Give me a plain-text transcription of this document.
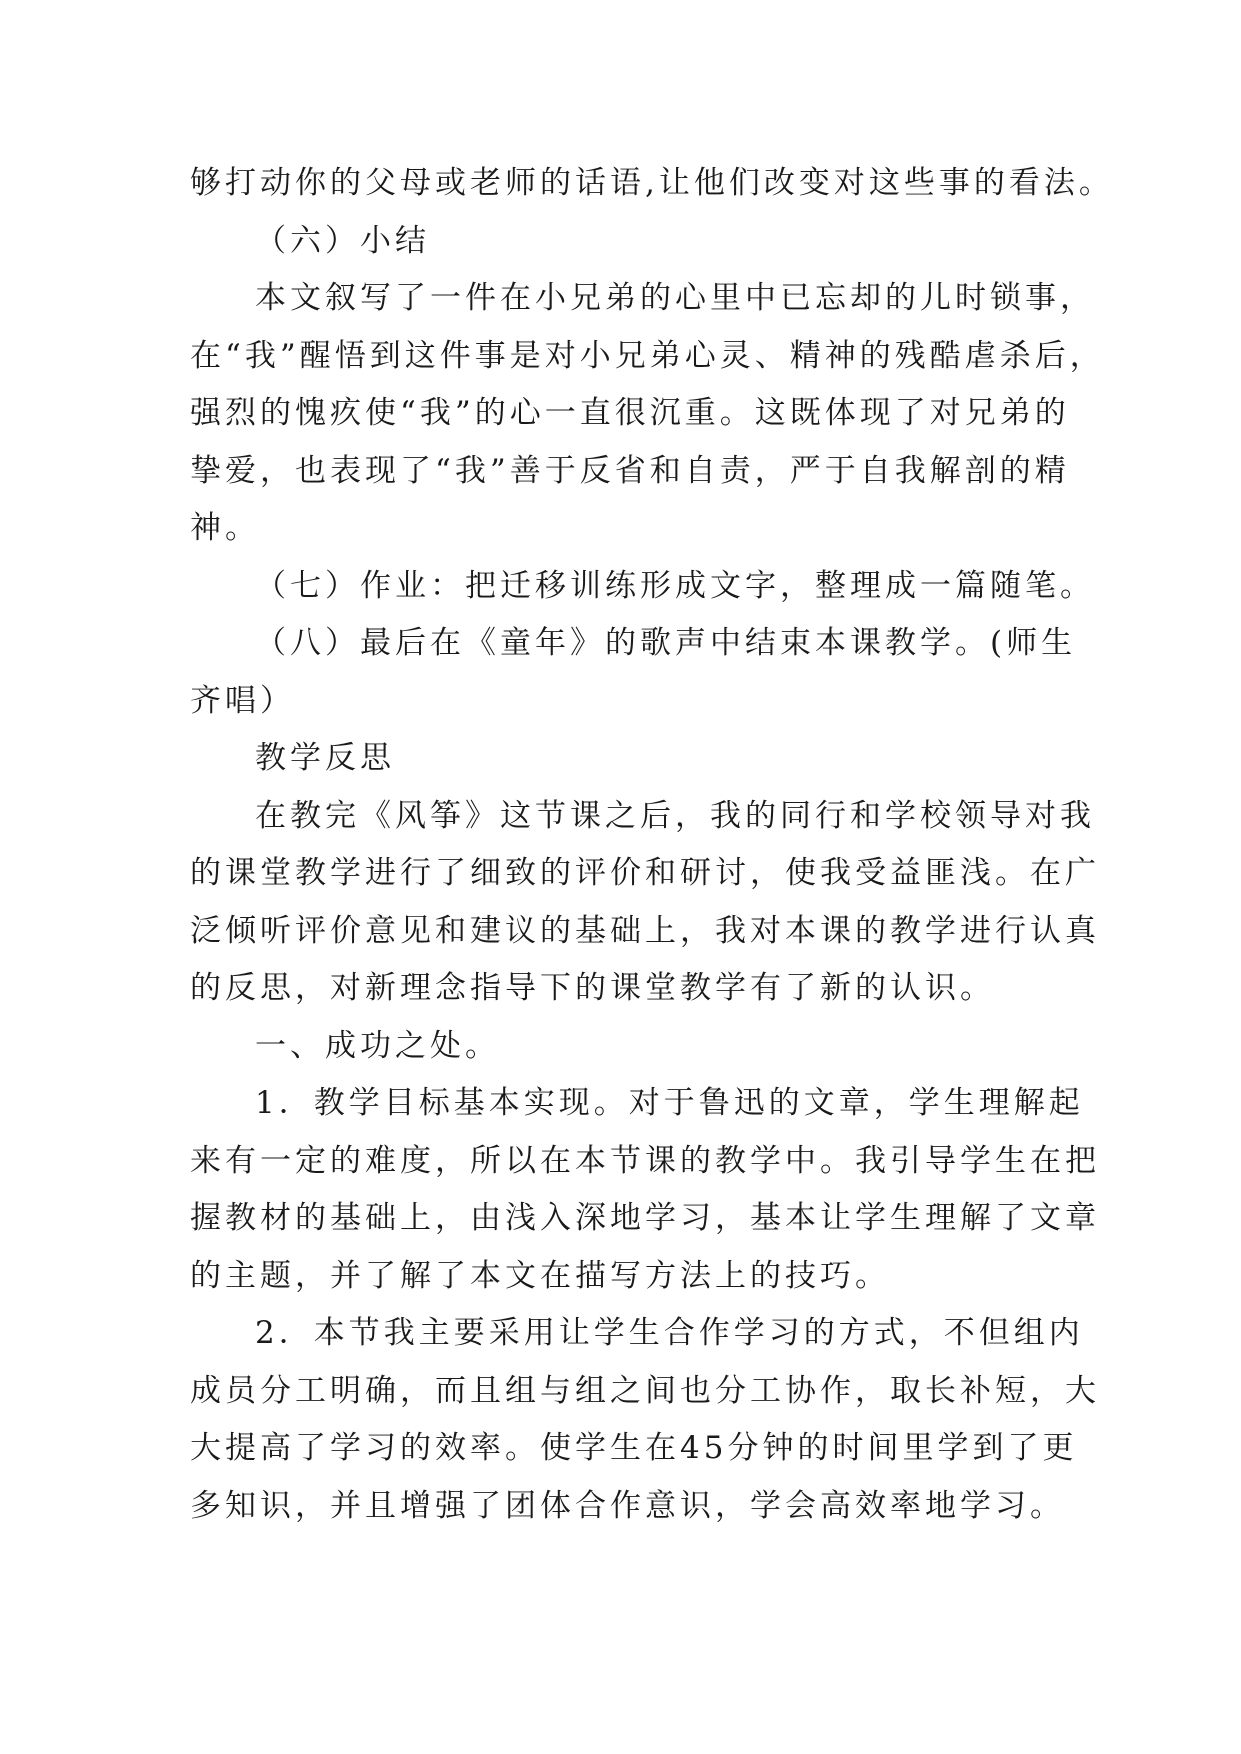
够打动你的父母或老师的话语,让他们改变对这些事的看法。
（六）小结
本文叙写了一件在小兄弟的心里中已忘却的儿时锁事，
在“我”醒悟到这件事是对小兄弟心灵、精神的残酷虐杀后，
强烈的愧疚使“我”的心一直很沉重。这既体现了对兄弟的
挚爱，也表现了“我”善于反省和自责，严于自我解剖的精
神。
（七）作业：把迁移训练形成文字，整理成一篇随笔。
（八）最后在《童年》的歌声中结束本课教学。(师生
齐唱）
教学反思
在教完《风筝》这节课之后，我的同行和学校领导对我
的课堂教学进行了细致的评价和研讨，使我受益匪浅。在广
泛倾听评价意见和建议的基础上，我对本课的教学进行认真
的反思，对新理念指导下的课堂教学有了新的认识。
一、成功之处。
1．教学目标基本实现。对于鲁迅的文章，学生理解起
来有一定的难度，所以在本节课的教学中。我引导学生在把
握教材的基础上，由浅入深地学习，基本让学生理解了文章
的主题，并了解了本文在描写方法上的技巧。
2．本节我主要采用让学生合作学习的方式，不但组内
成员分工明确，而且组与组之间也分工协作，取长补短，大
大提高了学习的效率。使学生在45分钟的时间里学到了更
多知识，并且增强了团体合作意识，学会高效率地学习。
